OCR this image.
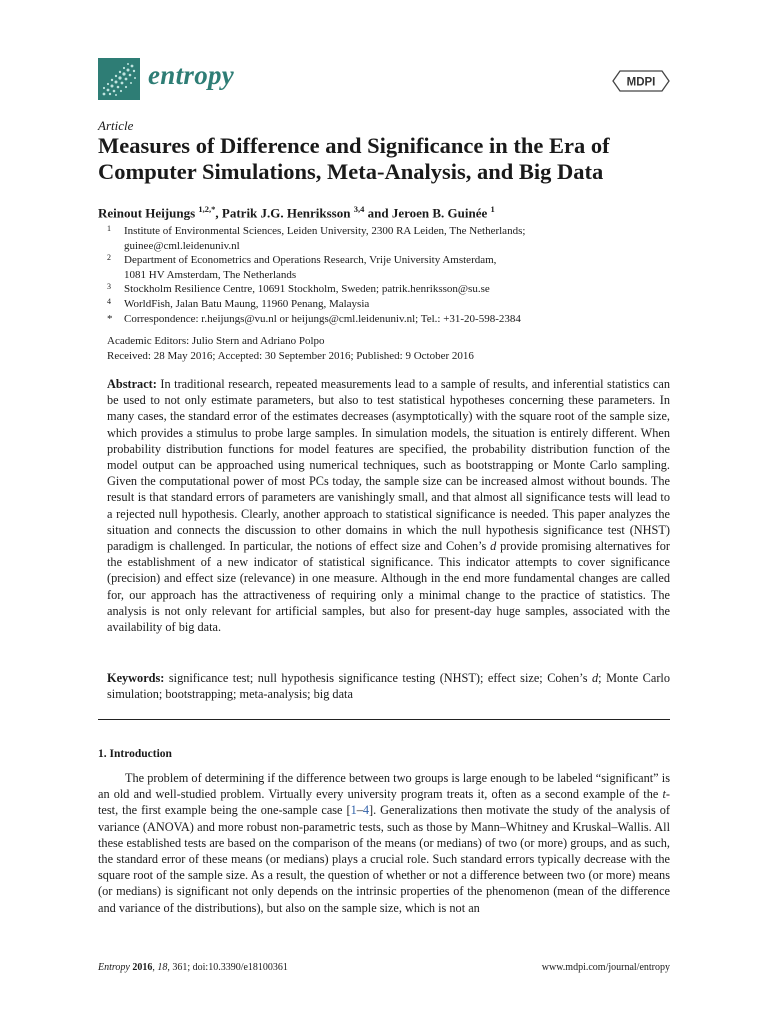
entropy	MDPI
Article
Measures of Difference and Significance in the Era of Computer Simulations, Meta-Analysis, and Big Data
Reinout Heijungs $^{1,2,*}$, Patrik J.G. Henriksson $^{3,4}$ and Jeroen B. Guinée $^1$
1 Institute of Environmental Sciences, Leiden University, 2300 RA Leiden, The Netherlands;
guinee@cml.leidenuniv.nl
2 Department of Econometrics and Operations Research, Vrije University Amsterdam,
1081 HV Amsterdam, The Netherlands
3 Stockholm Resilience Centre, 10691 Stockholm, Sweden; patrik.henriksson@su.se
4 WorldFish, Jalan Batu Maung, 11960 Penang, Malaysia
* Correspondence: r.heijungs@vu.nl or heijungs@cml.leidenuniv.nl; Tel.: +31-20-598-2384
Academic Editors: Julio Stern and Adriano Polpo
Received: 28 May 2016; Accepted: 30 September 2016; Published: 9 October 2016

Abstract: In traditional research, repeated measurements lead to a sample of results, and inferential statistics can be used to not only estimate parameters, but also to test statistical hypotheses concerning these parameters. In many cases, the standard error of the estimates decreases (asymptotically) with the square root of the sample size, which provides a stimulus to probe large samples. In simulation models, the situation is entirely different. When probability distribution functions for model features are specified, the probability distribution function of the model output can be approached using numerical techniques, such as bootstrapping or Monte Carlo sampling. Given the computational power of most PCs today, the sample size can be increased almost without bounds. The result is that standard errors of parameters are vanishingly small, and that almost all significance tests will lead to a rejected null hypothesis. Clearly, another approach to statistical significance is needed. This paper analyzes the situation and connects the discussion to other domains in which the null hypothesis significance test (NHST) paradigm is challenged. In particular, the notions of effect size and Cohen’s d provide promising alternatives for the establishment of a new indicator of statistical significance. This indicator attempts to cover significance (precision) and effect size (relevance) in one measure. Although in the end more fundamental changes are called for, our approach has the attractiveness of requiring only a minimal change to the practice of statistics. The analysis is not only relevant for artificial samples, but also for present-day huge samples, associated with the availability of big data.

Keywords: significance test; null hypothesis significance testing (NHST); effect size; Cohen’s d; Monte Carlo simulation; bootstrapping; meta-analysis; big data

1. Introduction

The problem of determining if the difference between two groups is large enough to be labeled “significant” is an old and well-studied problem. Virtually every university program treats it, often as a second example of the t-test, the first example being the one-sample case [1–4]. Generalizations then motivate the study of the analysis of variance (ANOVA) and more robust non-parametric tests, such as those by Mann–Whitney and Kruskal–Wallis. All these established tests are based on the comparison of the means (or medians) of two (or more) groups, and as such, the standard error of these means (or medians) plays a crucial role. Such standard errors typically decrease with the square root of the sample size. As a result, the question of whether or not a difference between two (or more) means (or medians) is significant not only depends on the intrinsic properties of the phenomenon (mean of the difference and variance of the distributions), but also on the sample size, which is not an

Entropy 2016, 18, 361; doi:10.3390/e18100361	www.mdpi.com/journal/entropy
